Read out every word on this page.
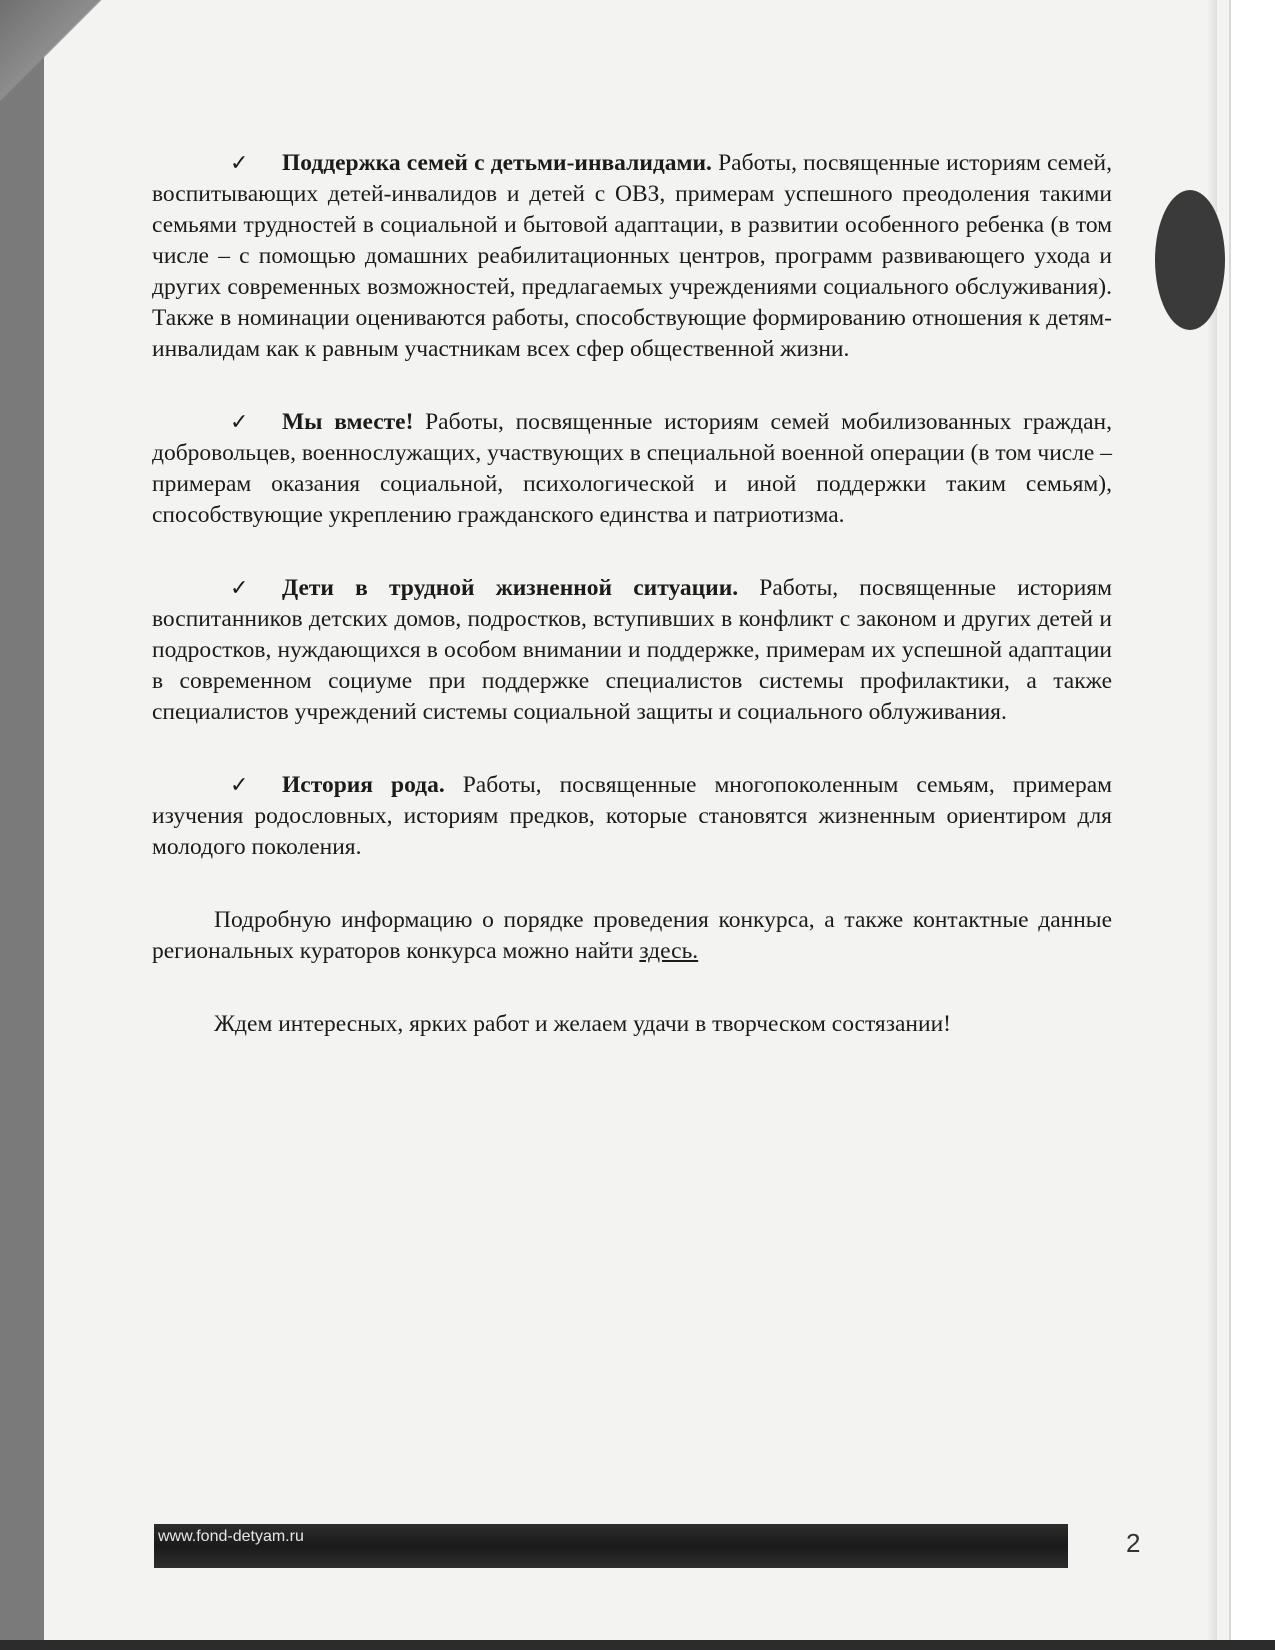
✓ Поддержка семей с детьми-инвалидами. Работы, посвященные историям семей, воспитывающих детей-инвалидов и детей с ОВЗ, примерам успешного преодоления такими семьями трудностей в социальной и бытовой адаптации, в развитии особенного ребенка (в том числе – с помощью домашних реабилитационных центров, программ развивающего ухода и других современных возможностей, предлагаемых учреждениями социального обслуживания). Также в номинации оцениваются работы, способствующие формированию отношения к детям-инвалидам как к равным участникам всех сфер общественной жизни.

✓ Мы вместе! Работы, посвященные историям семей мобилизованных граждан, добровольцев, военнослужащих, участвующих в специальной военной операции (в том числе – примерам оказания социальной, психологической и иной поддержки таким семьям), способствующие укреплению гражданского единства и патриотизма.

✓ Дети в трудной жизненной ситуации. Работы, посвященные историям воспитанников детских домов, подростков, вступивших в конфликт с законом и других детей и подростков, нуждающихся в особом внимании и поддержке, примерам их успешной адаптации в современном социуме при поддержке специалистов системы профилактики, а также специалистов учреждений системы социальной защиты и социального облуживания.

✓ История рода. Работы, посвященные многопоколенным семьям, примерам изучения родословных, историям предков, которые становятся жизненным ориентиром для молодого поколения.

Подробную информацию о порядке проведения конкурса, а также контактные данные региональных кураторов конкурса можно найти здесь.

Ждем интересных, ярких работ и желаем удачи в творческом состязании!

www.fond-detyam.ru	2
